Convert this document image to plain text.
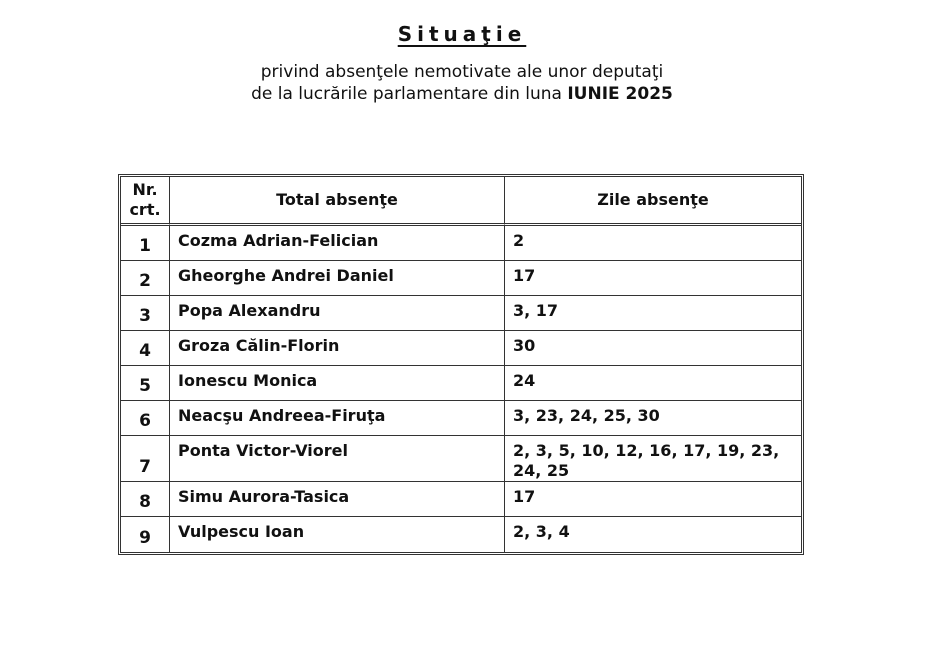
Situaţie
privind absenţele nemotivate ale unor deputaţi
de la lucrările parlamentare din luna IUNIE 2025
Nr.
crt.	Total absenţe	Zile absenţe
1	Cozma Adrian-Felician	2
2	Gheorghe Andrei Daniel	17
3	Popa Alexandru	3, 17
4	Groza Călin-Florin	30
5	Ionescu Monica	24
6	Neacşu Andreea-Firuţa	3, 23, 24, 25, 30
7	Ponta Victor-Viorel	2, 3, 5, 10, 12, 16, 17, 19, 23, 24, 25
8	Simu Aurora-Tasica	17
9	Vulpescu Ioan	2, 3, 4
